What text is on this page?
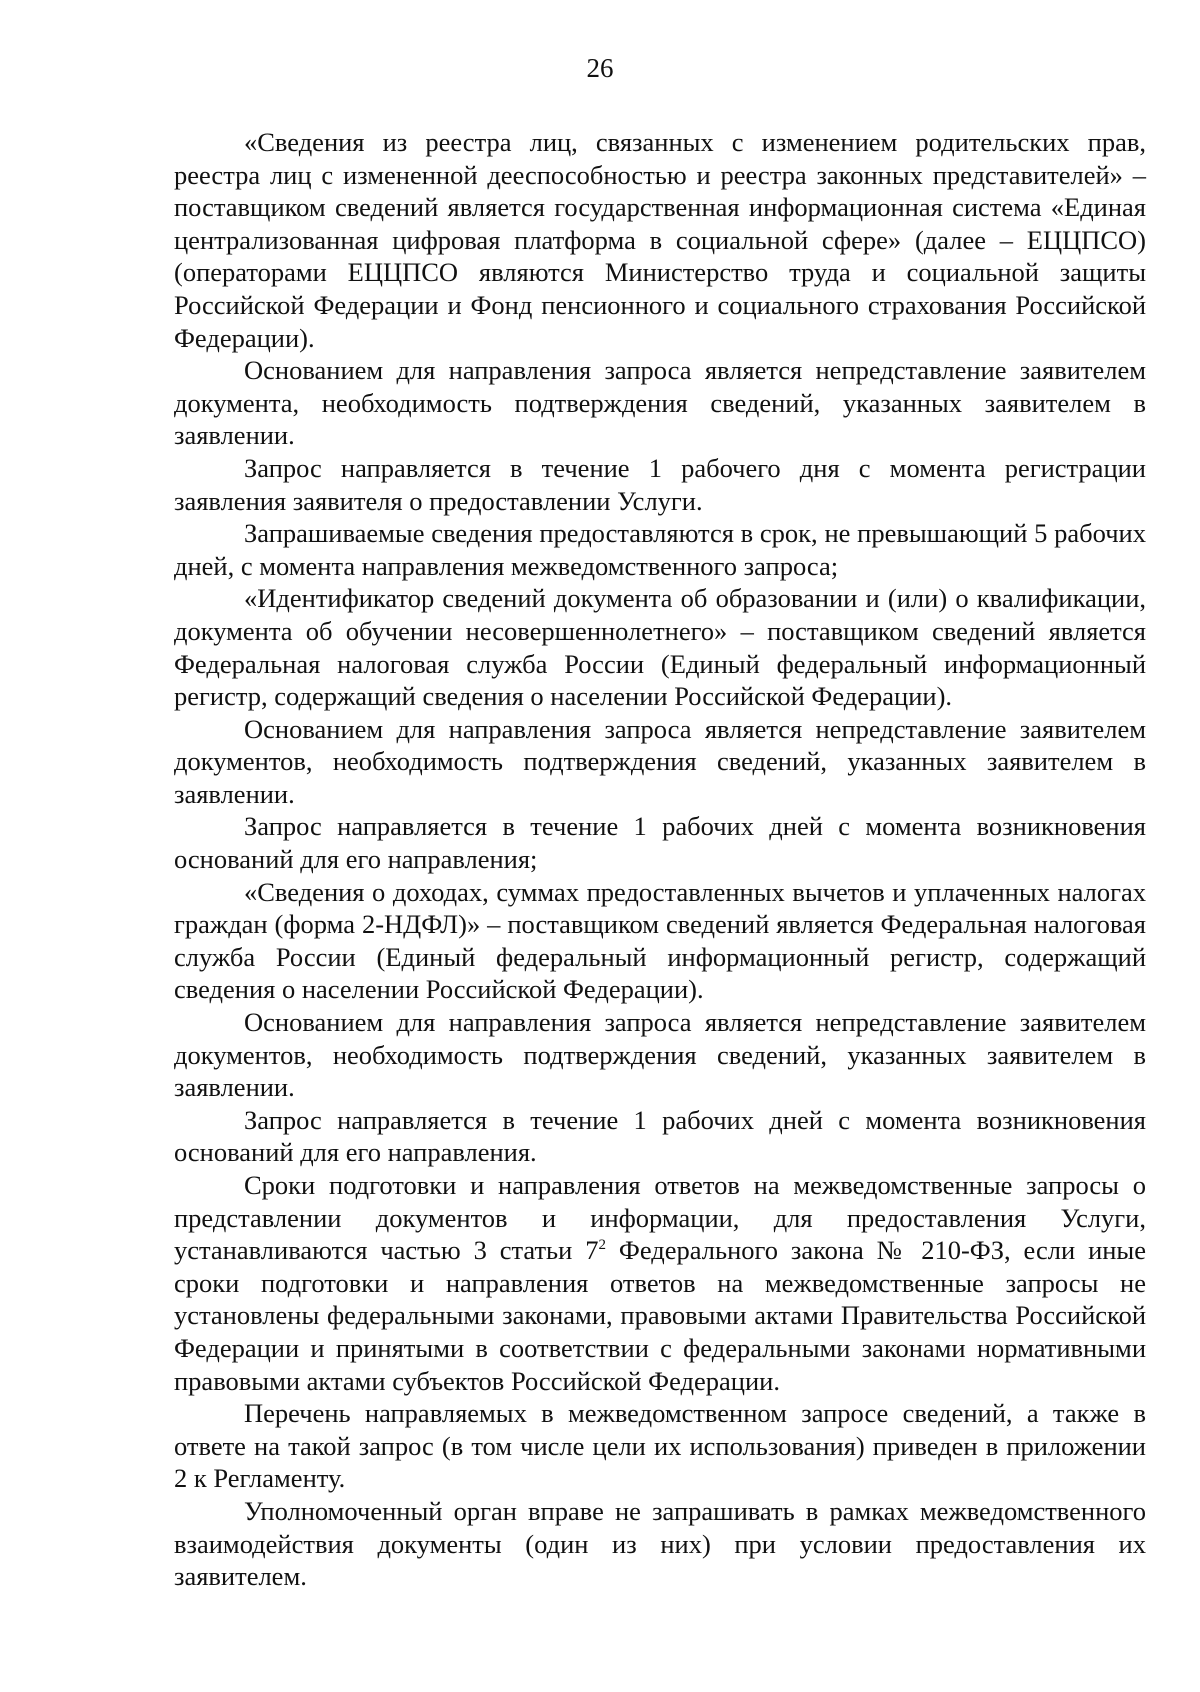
26

«Сведения из реестра лиц, связанных с изменением родительских прав, реестра лиц с измененной дееспособностью и реестра законных представителей» – поставщиком сведений является государственная информационная система «Единая централизованная цифровая платформа в социальной сфере» (далее – ЕЦЦПСО) (операторами ЕЦЦПСО являются Министерство труда и социальной защиты Российской Федерации и Фонд пенсионного и социального страхования Российской Федерации).

Основанием для направления запроса является непредставление заявителем документа, необходимость подтверждения сведений, указанных заявителем в заявлении.

Запрос направляется в течение 1 рабочего дня с момента регистрации заявления заявителя о предоставлении Услуги.

Запрашиваемые сведения предоставляются в срок, не превышающий 5 рабочих дней, с момента направления межведомственного запроса;

«Идентификатор сведений документа об образовании и (или) о квалификации, документа об обучении несовершеннолетнего» – поставщиком сведений является Федеральная налоговая служба России (Единый федеральный информационный регистр, содержащий сведения о населении Российской Федерации).

Основанием для направления запроса является непредставление заявителем документов, необходимость подтверждения сведений, указанных заявителем в заявлении.

Запрос направляется в течение 1 рабочих дней с момента возникновения оснований для его направления;

«Сведения о доходах, суммах предоставленных вычетов и уплаченных налогах граждан (форма 2-НДФЛ)» – поставщиком сведений является Федеральная налоговая служба России (Единый федеральный информационный регистр, содержащий сведения о населении Российской Федерации).

Основанием для направления запроса является непредставление заявителем документов, необходимость подтверждения сведений, указанных заявителем в заявлении.

Запрос направляется в течение 1 рабочих дней с момента возникновения оснований для его направления.

Сроки подготовки и направления ответов на межведомственные запросы о представлении документов и информации, для предоставления Услуги, устанавливаются частью 3 статьи $7^2$ Федерального закона № 210-ФЗ, если иные сроки подготовки и направления ответов на межведомственные запросы не установлены федеральными законами, правовыми актами Правительства Российской Федерации и принятыми в соответствии с федеральными законами нормативными правовыми актами субъектов Российской Федерации.

Перечень направляемых в межведомственном запросе сведений, а также в ответе на такой запрос (в том числе цели их использования) приведен в приложении 2 к Регламенту.

Уполномоченный орган вправе не запрашивать в рамках межведомственного взаимодействия документы (один из них) при условии предоставления их заявителем.
